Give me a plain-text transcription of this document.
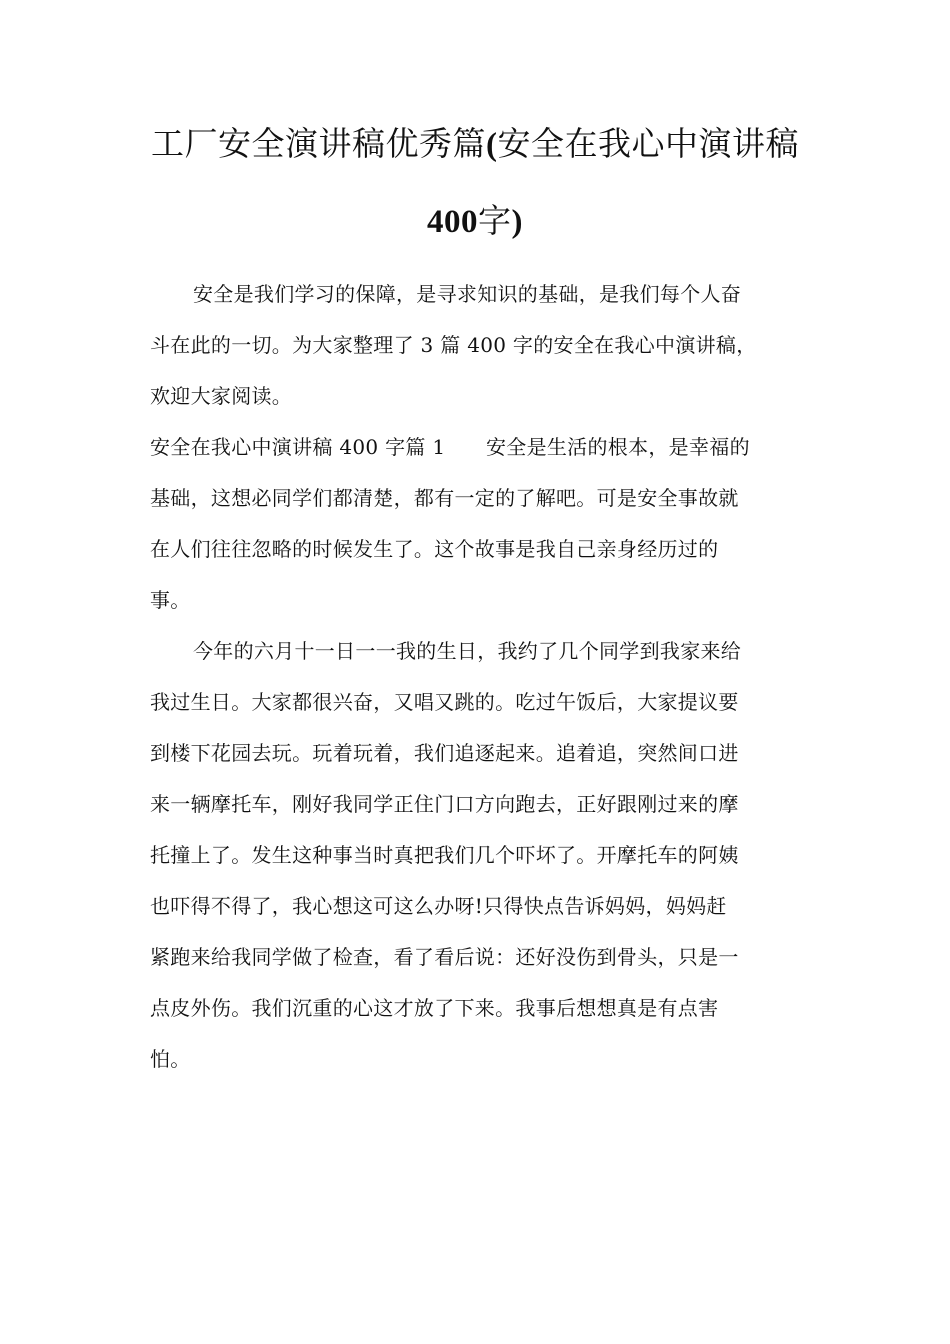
工厂安全演讲稿优秀篇(安全在我心中演讲稿
400字)
安全是我们学习的保障，是寻求知识的基础，是我们每个人奋
斗在此的一切。为大家整理了 3 篇 400 字的安全在我心中演讲稿，
欢迎大家阅读。
安全在我心中演讲稿 400 字篇 1　　安全是生活的根本，是幸福的
基础，这想必同学们都清楚，都有一定的了解吧。可是安全事故就
在人们往往忽略的时候发生了。这个故事是我自己亲身经历过的
事。
今年的六月十一日一一我的生日，我约了几个同学到我家来给
我过生日。大家都很兴奋，又唱又跳的。吃过午饭后，大家提议要
到楼下花园去玩。玩着玩着，我们追逐起来。追着追，突然间口进
来一辆摩托车，刚好我同学正住门口方向跑去，正好跟刚过来的摩
托撞上了。发生这种事当时真把我们几个吓坏了。开摩托车的阿姨
也吓得不得了，我心想这可这么办呀!只得快点告诉妈妈，妈妈赶
紧跑来给我同学做了检查，看了看后说：还好没伤到骨头，只是一
点皮外伤。我们沉重的心这才放了下来。我事后想想真是有点害
怕。
